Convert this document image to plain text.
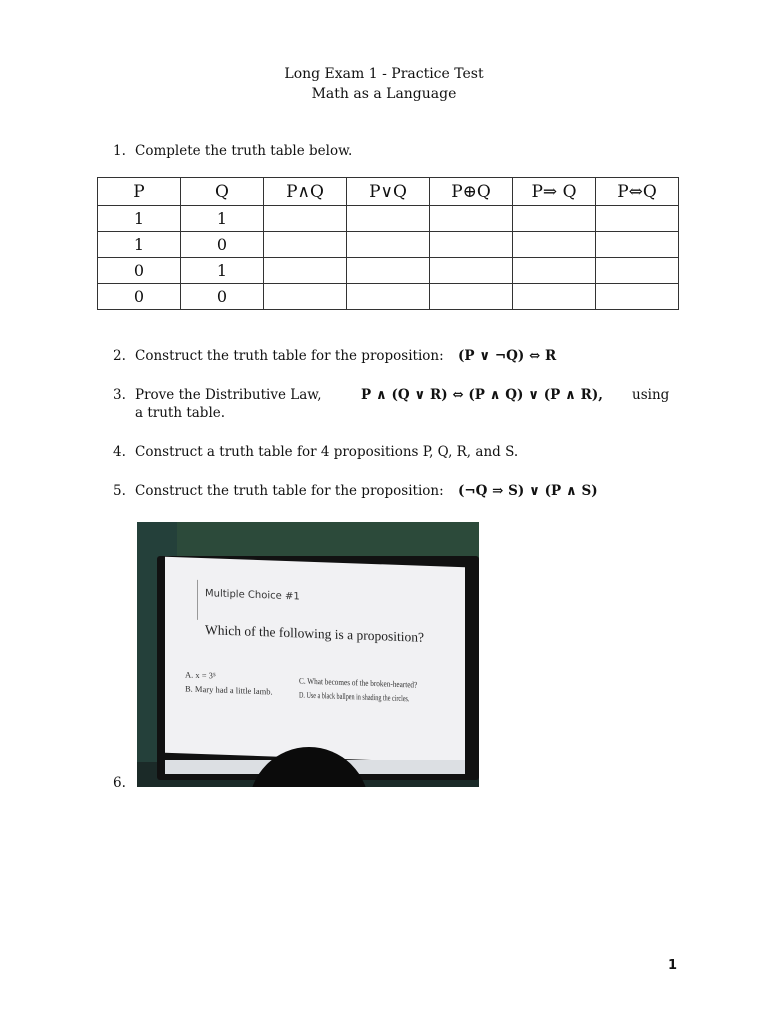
Long Exam 1 - Practice Test
Math as a Language
1. Complete the truth table below.
P	Q	P∧Q	P∨Q	P⊕Q	P⇒ Q	P⇔Q
1	1					
1	0					
0	1					
0	0					
2. Construct the truth table for the proposition: (P ∨ ¬Q) ⇔ R
3. Prove the Distributive Law,	P ∧ (Q ∨ R) ⇔ (P ∧ Q) ∨ (P ∧ R), using

a truth table.
4. Construct a truth table for 4 propositions P, Q, R, and S.
5. Construct the truth table for the proposition: (¬Q ⇒ S) ∨ (P ∧ S)
Multiple Choice #1
Which of the following is a proposition?
A. x = 3⁵
B. Mary had a little lamb.
C. What becomes of the broken-hearted?
D. Use a black ballpen in shading the circles.
6.
1
